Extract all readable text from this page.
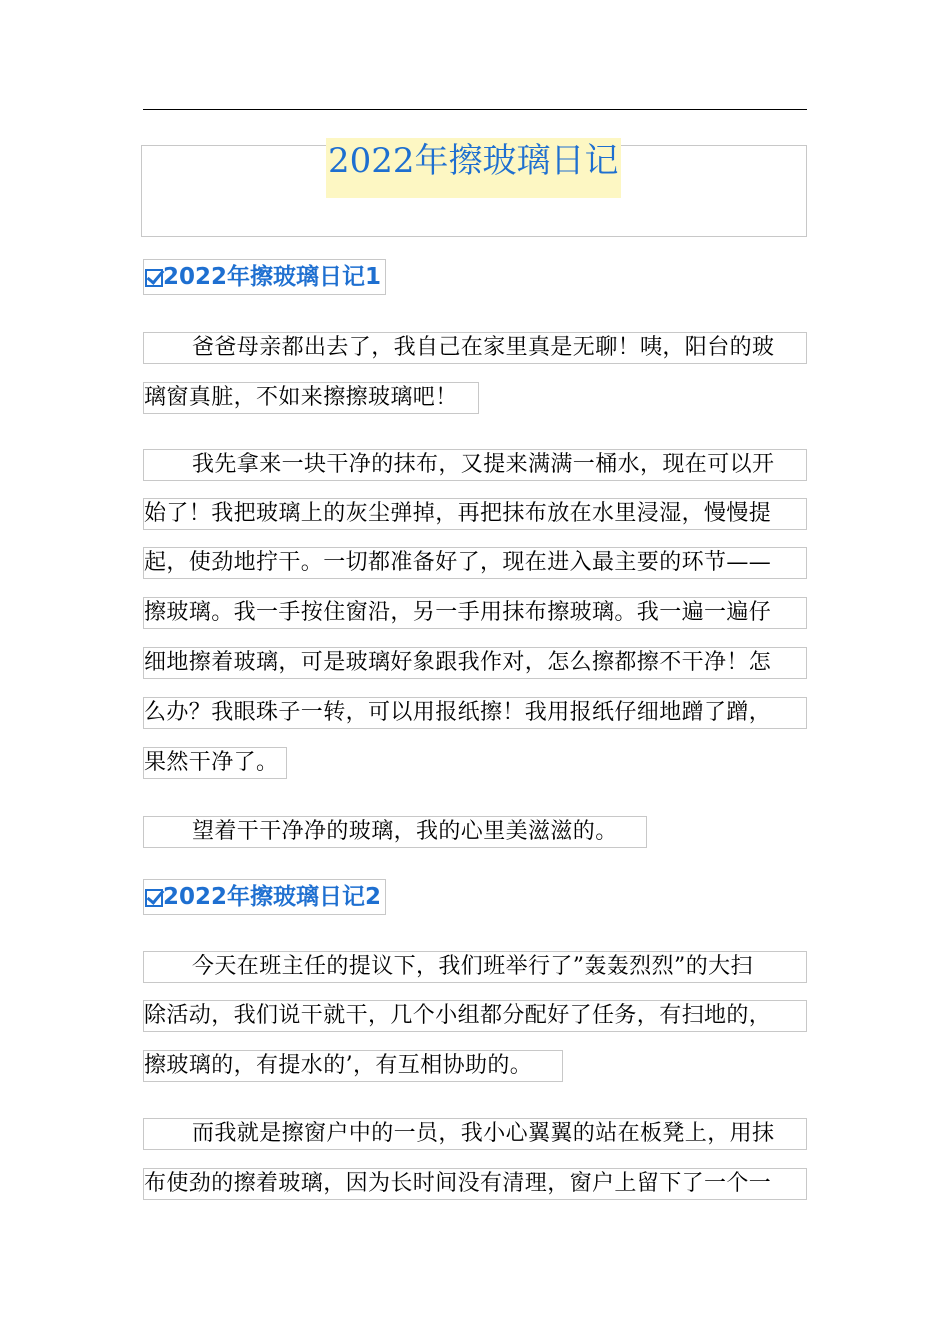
2022年擦玻璃日记
2022年擦玻璃日记1
爸爸母亲都出去了，我自己在家里真是无聊！咦，阳台的玻
璃窗真脏，不如来擦擦玻璃吧！
我先拿来一块干净的抹布，又提来满满一桶水，现在可以开
始了！我把玻璃上的灰尘弹掉，再把抹布放在水里浸湿，慢慢提
起，使劲地拧干。一切都准备好了，现在进入最主要的环节——
擦玻璃。我一手按住窗沿，另一手用抹布擦玻璃。我一遍一遍仔
细地擦着玻璃，可是玻璃好象跟我作对，怎么擦都擦不干净！怎
么办？我眼珠子一转，可以用报纸擦！我用报纸仔细地蹭了蹭，
果然干净了。
望着干干净净的玻璃，我的心里美滋滋的。
2022年擦玻璃日记2
今天在班主任的提议下，我们班举行了”轰轰烈烈”的大扫
除活动，我们说干就干，几个小组都分配好了任务，有扫地的，
擦玻璃的，有提水的’，有互相协助的。
而我就是擦窗户中的一员，我小心翼翼的站在板凳上，用抹
布使劲的擦着玻璃，因为长时间没有清理，窗户上留下了一个一
